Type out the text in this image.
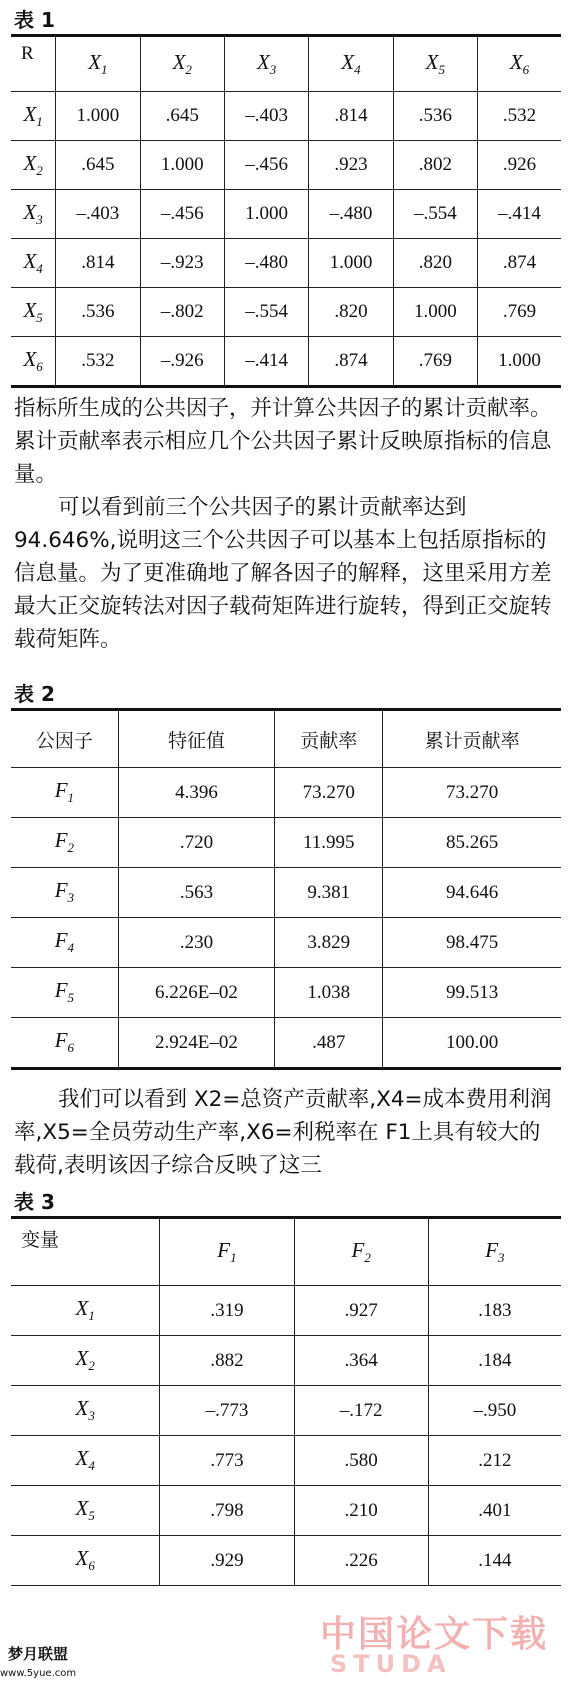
表 1
R	$X_1$	$X_2$	$X_3$	$X_4$	$X_5$	$X_6$
$X_1$	1.000	.645	–.403	.814	.536	.532
$X_2$	.645	1.000	–.456	.923	.802	.926
$X_3$	–.403	–.456	1.000	–.480	–.554	–.414
$X_4$	.814	–.923	–.480	1.000	.820	.874
$X_5$	.536	–.802	–.554	.820	1.000	.769
$X_6$	.532	–.926	–.414	.874	.769	1.000

指标所生成的公共因子，并计算公共因子的累计贡献率。累计贡献率表示相应几个公共因子累计反映原指标的信息量。

可以看到前三个公共因子的累计贡献率达到94.646%,说明这三个公共因子可以基本上包括原指标的信息量。为了更准确地了解各因子的解释，这里采用方差最大正交旋转法对因子载荷矩阵进行旋转，得到正交旋转载荷矩阵。

表 2
公因子	特征值	贡献率	累计贡献率
$F_1$	4.396	73.270	73.270
$F_2$	.720	11.995	85.265
$F_3$	.563	9.381	94.646
$F_4$	.230	3.829	98.475
$F_5$	6.226E–02	1.038	99.513
$F_6$	2.924E–02	.487	100.00

我们可以看到 X2=总资产贡献率,X4=成本费用利润率,X5=全员劳动生产率,X6=利税率在 F1上具有较大的载荷,表明该因子综合反映了这三

表 3
变量	$F_1$	$F_2$	$F_3$
$X_1$	.319	.927	.183
$X_2$	.882	.364	.184
$X_3$	–.773	–.172	–.950
$X_4$	.773	.580	.212
$X_5$	.798	.210	.401
$X_6$	.929	.226	.144
中国论文下载
STUDA
梦月联盟
www.5yue.com
